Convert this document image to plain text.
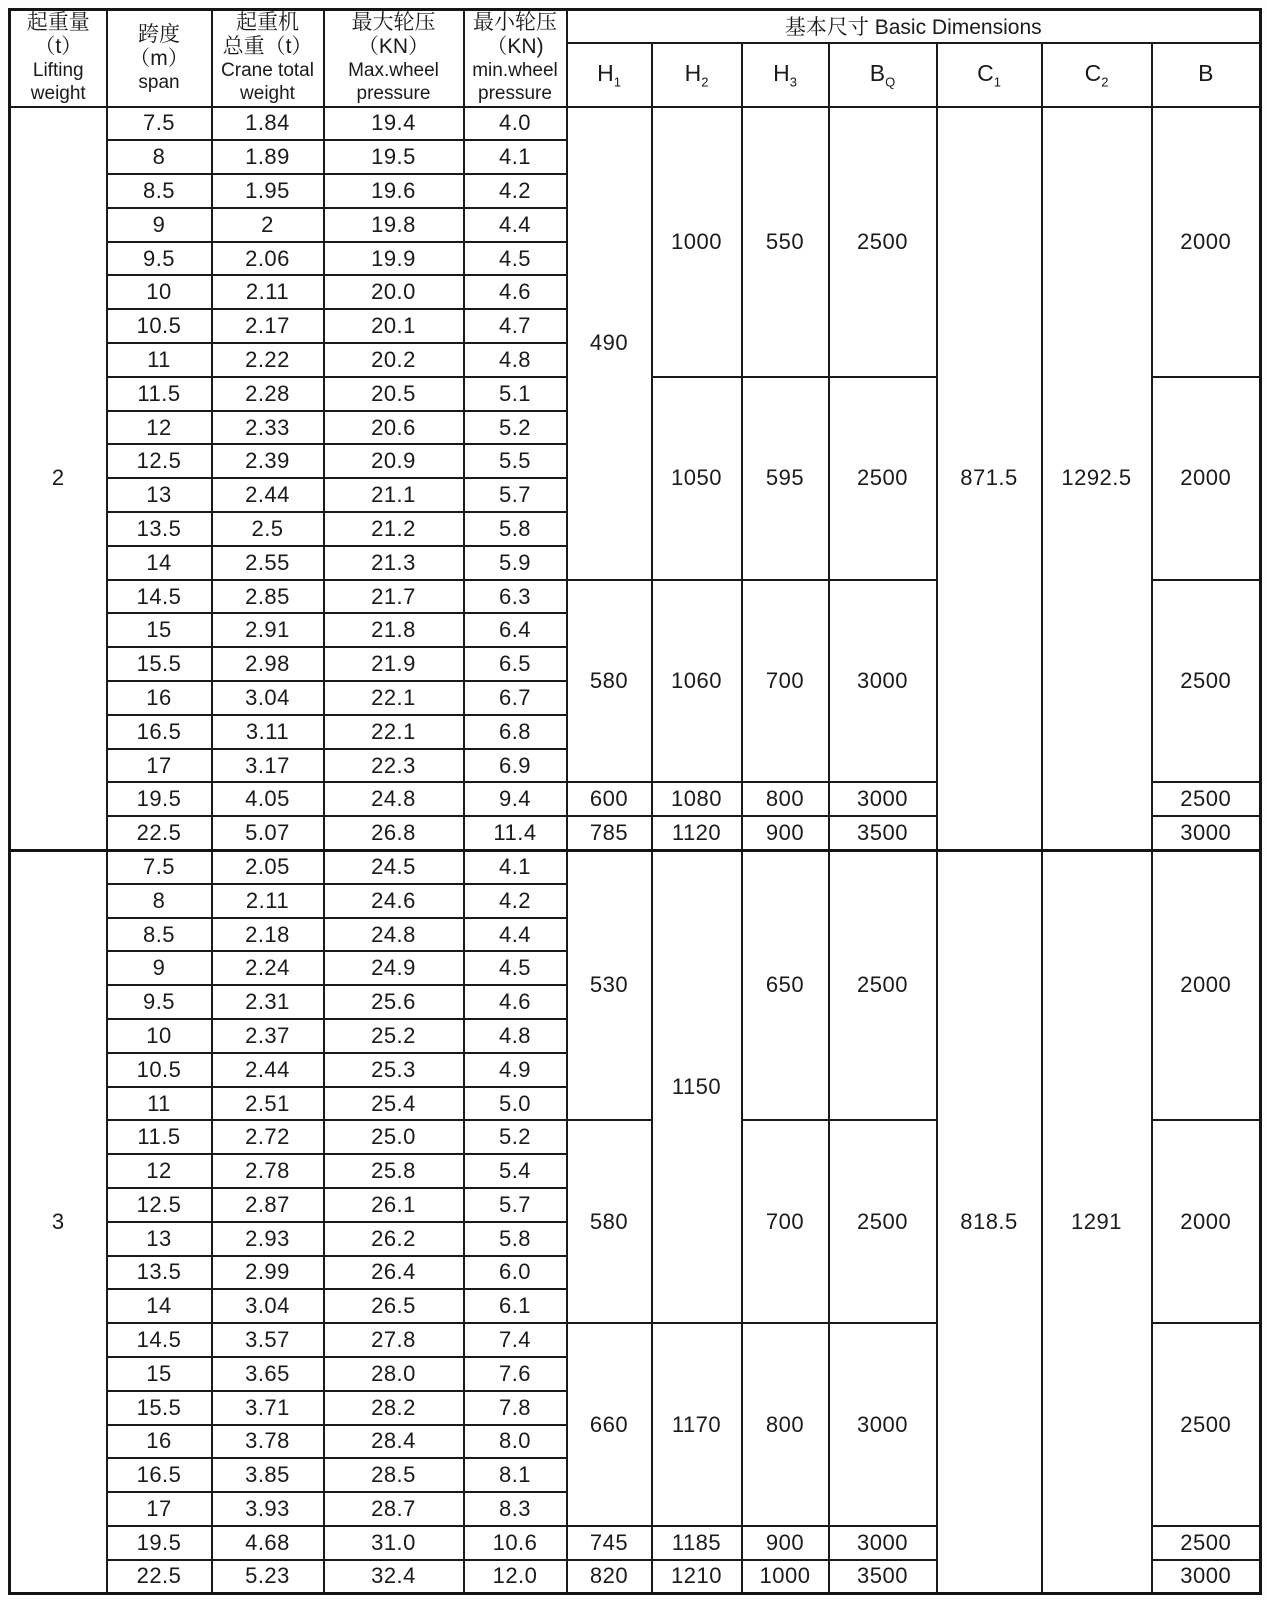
起重量
（t）
Lifting
weight

跨度
（m）
span

起重机
总重（t）
Crane total
weight

最大轮压
（KN）
Max.wheel
pressure

最小轮压
（KN)
min.wheel
pressure
	基本尺寸 Basic Dimensions
					$H_1$	$H_2$	$H_3$	$B_Q$	$C_1$	$C_2$	B
2	7.5	1.84	19.4	4.0	490	1000	550	2500	871.5	1292.5	2000
	8	1.89	19.5	4.1							
	8.5	1.95	19.6	4.2							
	9	2	19.8	4.4							
	9.5	2.06	19.9	4.5							
	10	2.11	20.0	4.6							
	10.5	2.17	20.1	4.7							
	11	2.22	20.2	4.8							
	11.5	2.28	20.5	5.1		1050	595	2500			2000
	12	2.33	20.6	5.2							
	12.5	2.39	20.9	5.5							
	13	2.44	21.1	5.7							
	13.5	2.5	21.2	5.8							
	14	2.55	21.3	5.9							
	14.5	2.85	21.7	6.3	580	1060	700	3000			2500
	15	2.91	21.8	6.4							
	15.5	2.98	21.9	6.5							
	16	3.04	22.1	6.7							
	16.5	3.11	22.1	6.8							
	17	3.17	22.3	6.9							
	19.5	4.05	24.8	9.4	600	1080	800	3000			2500
	22.5	5.07	26.8	11.4	785	1120	900	3500			3000
3	7.5	2.05	24.5	4.1	530	1150	650	2500	818.5	1291	2000
	8	2.11	24.6	4.2							
	8.5	2.18	24.8	4.4							
	9	2.24	24.9	4.5							
	9.5	2.31	25.6	4.6							
	10	2.37	25.2	4.8							
	10.5	2.44	25.3	4.9							
	11	2.51	25.4	5.0							
	11.5	2.72	25.0	5.2	580		700	2500			2000
	12	2.78	25.8	5.4							
	12.5	2.87	26.1	5.7							
	13	2.93	26.2	5.8							
	13.5	2.99	26.4	6.0							
	14	3.04	26.5	6.1							
	14.5	3.57	27.8	7.4	660	1170	800	3000			2500
	15	3.65	28.0	7.6							
	15.5	3.71	28.2	7.8							
	16	3.78	28.4	8.0							
	16.5	3.85	28.5	8.1							
	17	3.93	28.7	8.3							
	19.5	4.68	31.0	10.6	745	1185	900	3000			2500
	22.5	5.23	32.4	12.0	820	1210	1000	3500			3000
